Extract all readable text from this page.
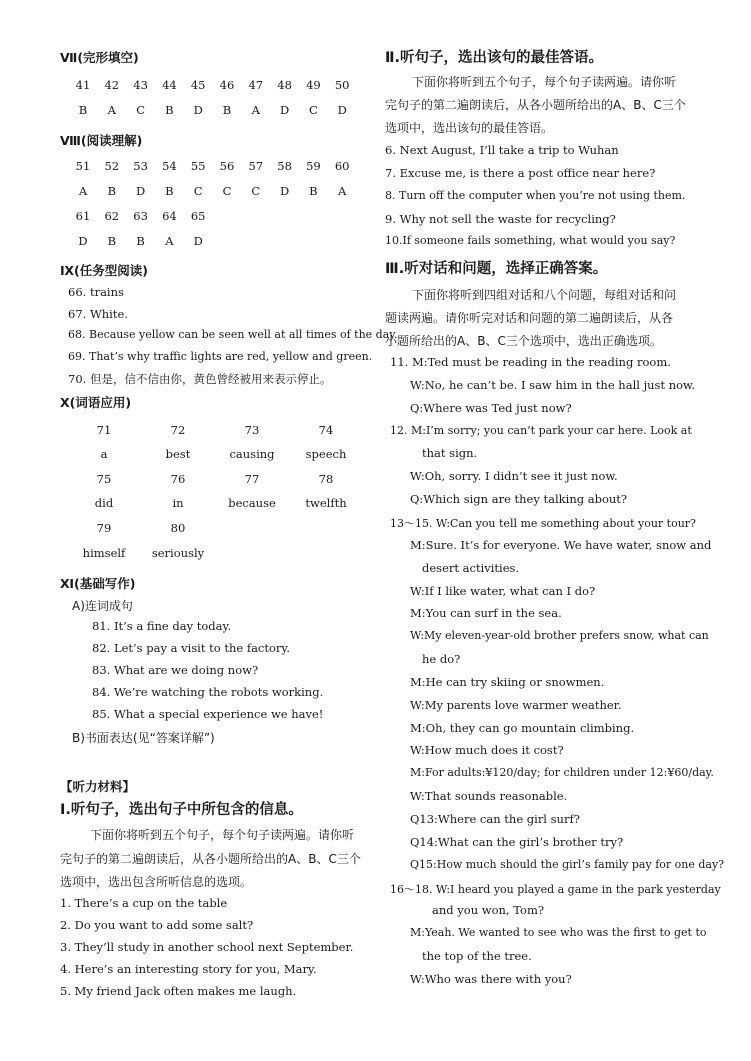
Ⅶ(完形填空)
41	42	43	44	45	46	47	48	49	50
B	A	C	B	D	B	A	D	C	D
Ⅷ(阅读理解)
51	52	53	54	55	56	57	58	59	60
A	B	D	B	C	C	C	D	B	A
61	62	63	64	65
D	B	B	A	D
Ⅸ(任务型阅读)
66. trains
67. White.
68. Because yellow can be seen well at all times of the day.
69. That’s why traffic lights are red, yellow and green.
70. 但是，信不信由你，黄色曾经被用来表示停止。
Ⅹ(词语应用)
71	72	73	74
a	best	causing	speech
75	76	77	78
did	in	because	twelfth
79	80
himself	seriously
Ⅺ(基础写作)
A)连词成句
81. It’s a fine day today.
82. Let’s pay a visit to the factory.
83. What are we doing now?
84. We’re watching the robots working.
85. What a special experience we have!
B)书面表达(见“答案详解”)
【听力材料】
Ⅰ.听句子，选出句子中所包含的信息。
下面你将听到五个句子，每个句子读两遍。请你听
完句子的第二遍朗读后，从各小题所给出的A、B、C三个
选项中，选出包含所听信息的选项。
1. There’s a cup on the table
2. Do you want to add some salt?
3. They’ll study in another school next September.
4. Here’s an interesting story for you, Mary.
5. My friend Jack often makes me laugh.
Ⅱ.听句子，选出该句的最佳答语。
下面你将听到五个句子，每个句子读两遍。请你听
完句子的第二遍朗读后，从各小题所给出的A、B、C三个
选项中，选出该句的最佳答语。
6. Next August, I’ll take a trip to Wuhan
7. Excuse me, is there a post office near here?
8. Turn off the computer when you’re not using them.
9. Why not sell the waste for recycling?
10.If someone fails something, what would you say?
Ⅲ.听对话和问题，选择正确答案。
下面你将听到四组对话和八个问题，每组对话和问
题读两遍。请你听完对话和问题的第二遍朗读后，从各
小题所给出的A、B、C三个选项中，选出正确选项。
11. M:Ted must be reading in the reading room.
W:No, he can’t be. I saw him in the hall just now.
Q:Where was Ted just now?
12. M:I’m sorry; you can’t park your car here. Look at
that sign.
W:Oh, sorry. I didn’t see it just now.
Q:Which sign are they talking about?
13～15. W:Can you tell me something about your tour?
M:Sure. It’s for everyone. We have water, snow and
desert activities.
W:If I like water, what can I do?
M:You can surf in the sea.
W:My eleven-year-old brother prefers snow, what can
he do?
M:He can try skiing or snowmen.
W:My parents love warmer weather.
M:Oh, they can go mountain climbing.
W:How much does it cost?
M:For adults:¥120/day; for children under 12:¥60/day.
W:That sounds reasonable.
Q13:Where can the girl surf?
Q14:What can the girl’s brother try?
Q15:How much should the girl’s family pay for one day?
16～18. W:I heard you played a game in the park yesterday
and you won, Tom?
M:Yeah. We wanted to see who was the first to get to
the top of the tree.
W:Who was there with you?
